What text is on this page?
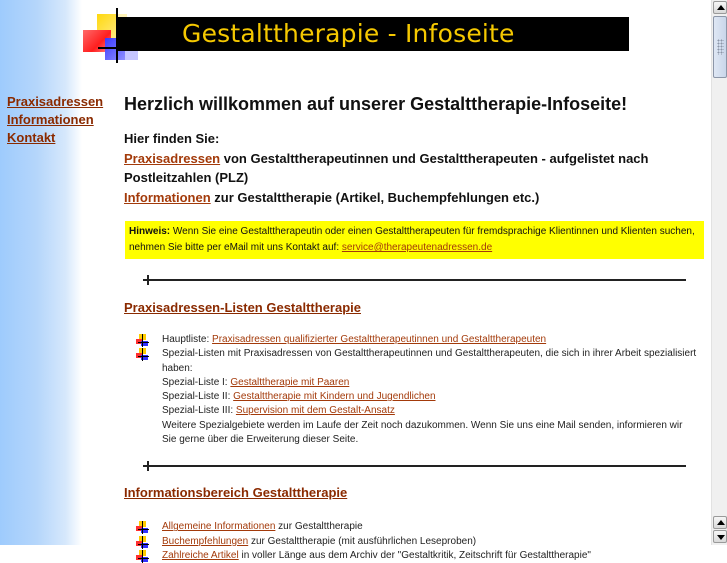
Gestalttherapie - Infoseite
Praxisadressen
Informationen
Kontakt
Herzlich willkommen auf unserer Gestalttherapie-Infoseite!
Hier finden Sie:
Praxisadressen von Gestalttherapeutinnen und Gestalttherapeuten - aufgelistet nach Postleitzahlen (PLZ)
Informationen zur Gestalttherapie (Artikel, Buchempfehlungen etc.)
Hinweis: Wenn Sie eine Gestalttherapeutin oder einen Gestalttherapeuten für fremdsprachige Klientinnen und Klienten suchen, nehmen Sie bitte per eMail mit uns Kontakt auf: service@therapeutenadressen.de
Praxisadressen-Listen Gestalttherapie
Hauptliste: Praxisadressen qualifizierter Gestalttherapeutinnen und Gestalttherapeuten
Spezial-Listen mit Praxisadressen von Gestalttherapeutinnen und Gestalttherapeuten, die sich in ihrer Arbeit spezialisiert haben:
Spezial-Liste I: Gestalttherapie mit Paaren
Spezial-Liste II: Gestalttherapie mit Kindern und Jugendlichen
Spezial-Liste III: Supervision mit dem Gestalt-Ansatz
Weitere Spezialgebiete werden im Laufe der Zeit noch dazukommen. Wenn Sie uns eine Mail senden, informieren wir Sie gerne über die Erweiterung dieser Seite.
Informationsbereich Gestalttherapie
Allgemeine Informationen zur Gestalttherapie
Buchempfehlungen zur Gestalttherapie (mit ausführlichen Leseproben)
Zahlreiche Artikel in voller Länge aus dem Archiv der "Gestaltkritik, Zeitschrift für Gestalttherapie"
